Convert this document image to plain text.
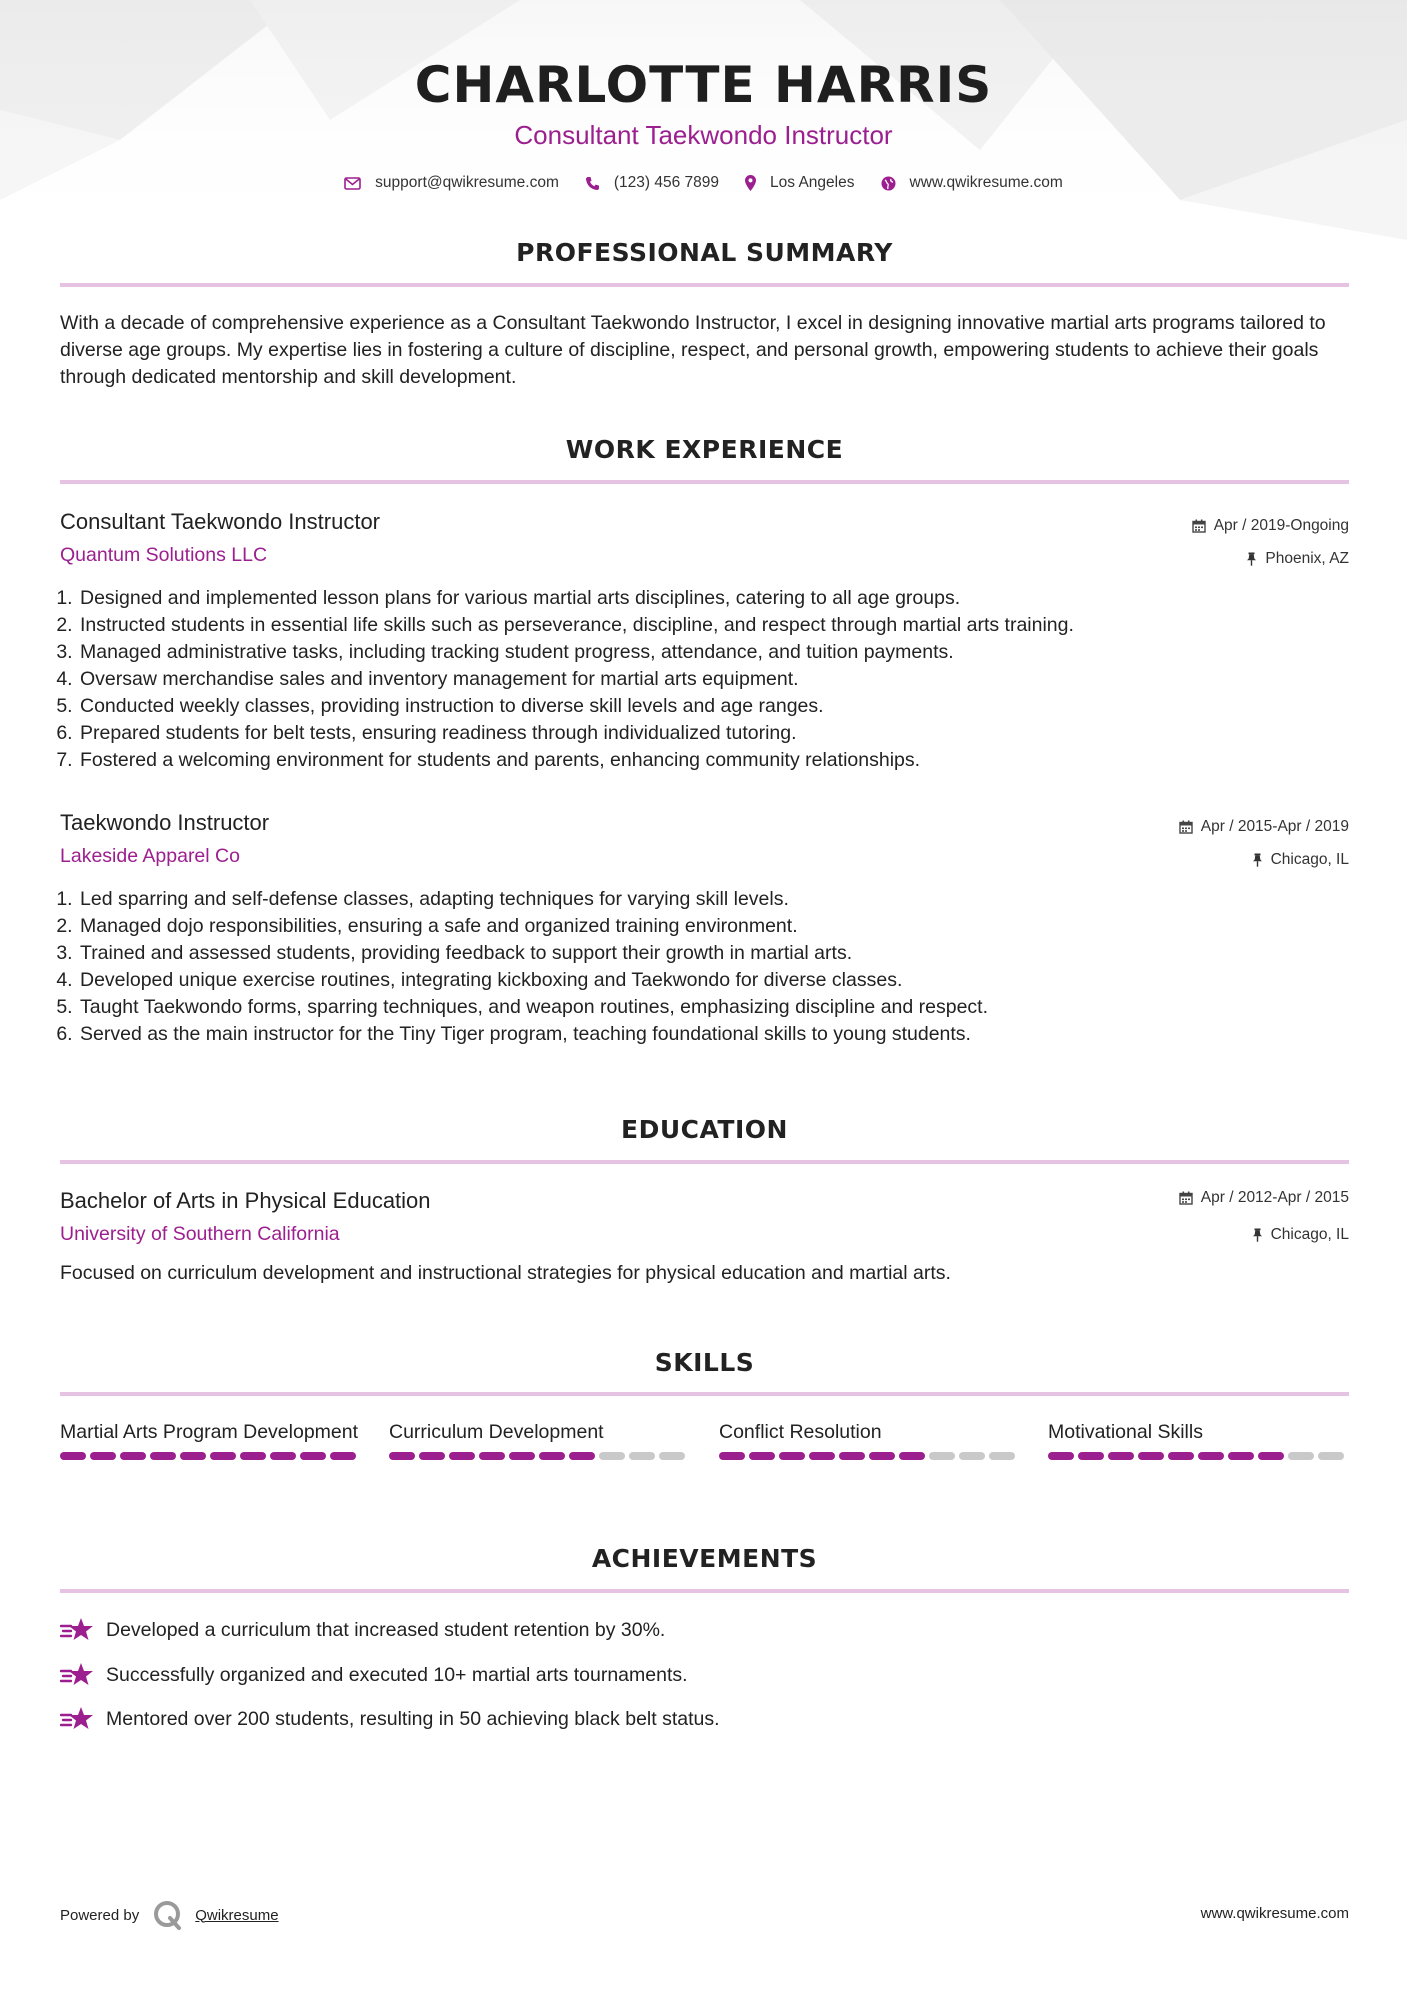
CHARLOTTE HARRIS
Consultant Taekwondo Instructor
support@qwikresume.com	(123) 456 7899	Los Angeles	www.qwikresume.com
PROFESSIONAL SUMMARY

With a decade of comprehensive experience as a Consultant Taekwondo Instructor, I excel in designing innovative martial arts programs tailored to diverse age groups. My expertise lies in fostering a culture of discipline, respect, and personal growth, empowering students to achieve their goals through dedicated mentorship and skill development.

WORK EXPERIENCE
Consultant Taekwondo Instructor
Quantum Solutions LLC
Apr / 2019-Ongoing
Phoenix, AZ
1. Designed and implemented lesson plans for various martial arts disciplines, catering to all age groups.
2. Instructed students in essential life skills such as perseverance, discipline, and respect through martial arts training.
3. Managed administrative tasks, including tracking student progress, attendance, and tuition payments.
4. Oversaw merchandise sales and inventory management for martial arts equipment.
5. Conducted weekly classes, providing instruction to diverse skill levels and age ranges.
6. Prepared students for belt tests, ensuring readiness through individualized tutoring.
7. Fostered a welcoming environment for students and parents, enhancing community relationships.
Taekwondo Instructor
Lakeside Apparel Co
Apr / 2015-Apr / 2019
Chicago, IL
1. Led sparring and self-defense classes, adapting techniques for varying skill levels.
2. Managed dojo responsibilities, ensuring a safe and organized training environment.
3. Trained and assessed students, providing feedback to support their growth in martial arts.
4. Developed unique exercise routines, integrating kickboxing and Taekwondo for diverse classes.
5. Taught Taekwondo forms, sparring techniques, and weapon routines, emphasizing discipline and respect.
6. Served as the main instructor for the Tiny Tiger program, teaching foundational skills to young students.
EDUCATION
Bachelor of Arts in Physical Education
University of Southern California
Apr / 2012-Apr / 2015
Chicago, IL
Focused on curriculum development and instructional strategies for physical education and martial arts.
SKILLS
Martial Arts Program Development Curriculum Development	Conflict Resolution	Motivational Skills
ACHIEVEMENTS
Developed a curriculum that increased student retention by 30%.
Successfully organized and executed 10+ martial arts tournaments.
Mentored over 200 students, resulting in 50 achieving black belt status.
Powered by	Qwikresume	www.qwikresume.com
